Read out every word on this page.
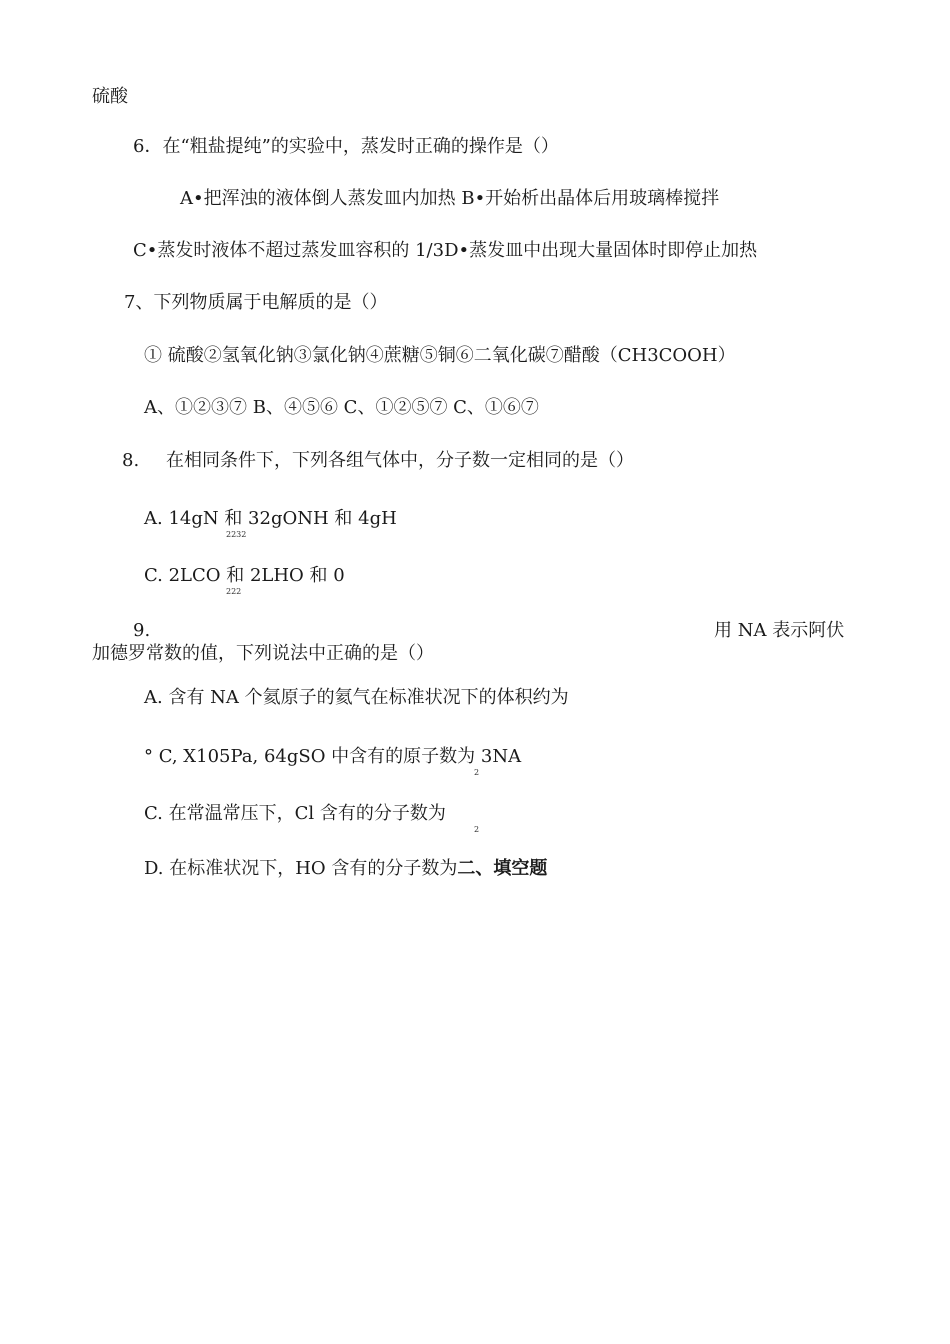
硫酸
6．在“粗盐提纯”的实验中，蒸发时正确的操作是（）
A•把浑浊的液体倒人蒸发皿内加热 B•开始析出晶体后用玻璃棒搅拌
C•蒸发时液体不超过蒸发皿容积的 1/3D•蒸发皿中出现大量固体时即停止加热
7、下列物质属于电解质的是（）
① 硫酸②氢氧化钠③氯化钠④蔗糖⑤铜⑥二氧化碳⑦醋酸（CH3COOH）
A、①②③⑦ B、④⑤⑥ C、①②⑤⑦ C、①⑥⑦
8. 在相同条件下，下列各组气体中，分子数一定相同的是（）
A. 14gN 和 32gONH 和 4gH
2232
C. 2LCO 和 2LHO 和 0
222
9.	用 NA 表示阿伏
加德罗常数的值，下列说法中正确的是（）
A. 含有 NA 个氦原子的氦气在标准状况下的体积约为
° C, X105Pa, 64gSO 中含有的原子数为 3NA
2
C. 在常温常压下，Cl 含有的分子数为
2
D. 在标准状况下，HO 含有的分子数为二、填空题
